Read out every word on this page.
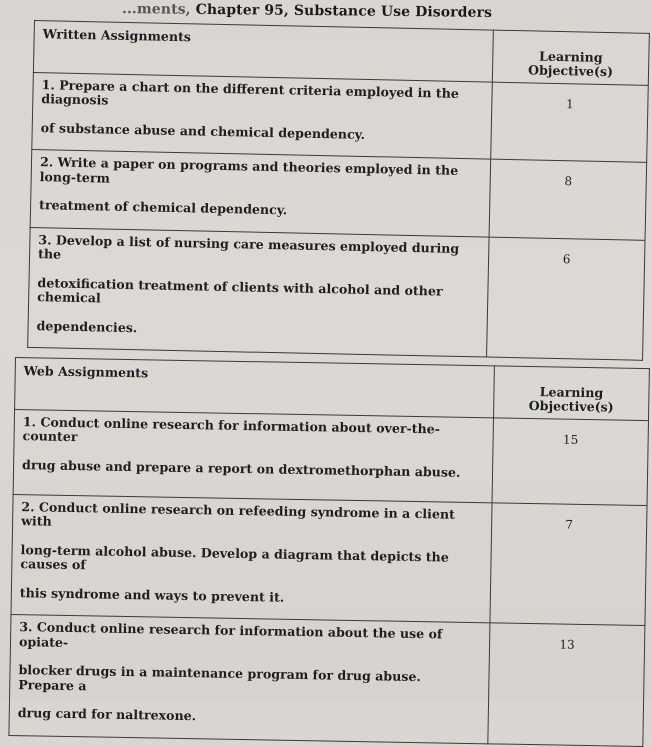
...ments, Chapter 95, Substance Use Disorders
Written Assignments	Learning Objective(s)

1. Prepare a chart on the different criteria employed in the diagnosis
of substance abuse and chemical dependency.	1

2. Write a paper on programs and theories employed in the long-term
treatment of chemical dependency.	8

3. Develop a list of nursing care measures employed during the
detoxification treatment of clients with alcohol and other chemical
dependencies.	6
Web Assignments	Learning Objective(s)

1. Conduct online research for information about over-the-counter
drug abuse and prepare a report on dextromethorphan abuse.	15

2. Conduct online research on refeeding syndrome in a client with
long-term alcohol abuse. Develop a diagram that depicts the causes of
this syndrome and ways to prevent it.	7

3. Conduct online research for information about the use of opiate-
blocker drugs in a maintenance program for drug abuse. Prepare a
drug card for naltrexone.	13
